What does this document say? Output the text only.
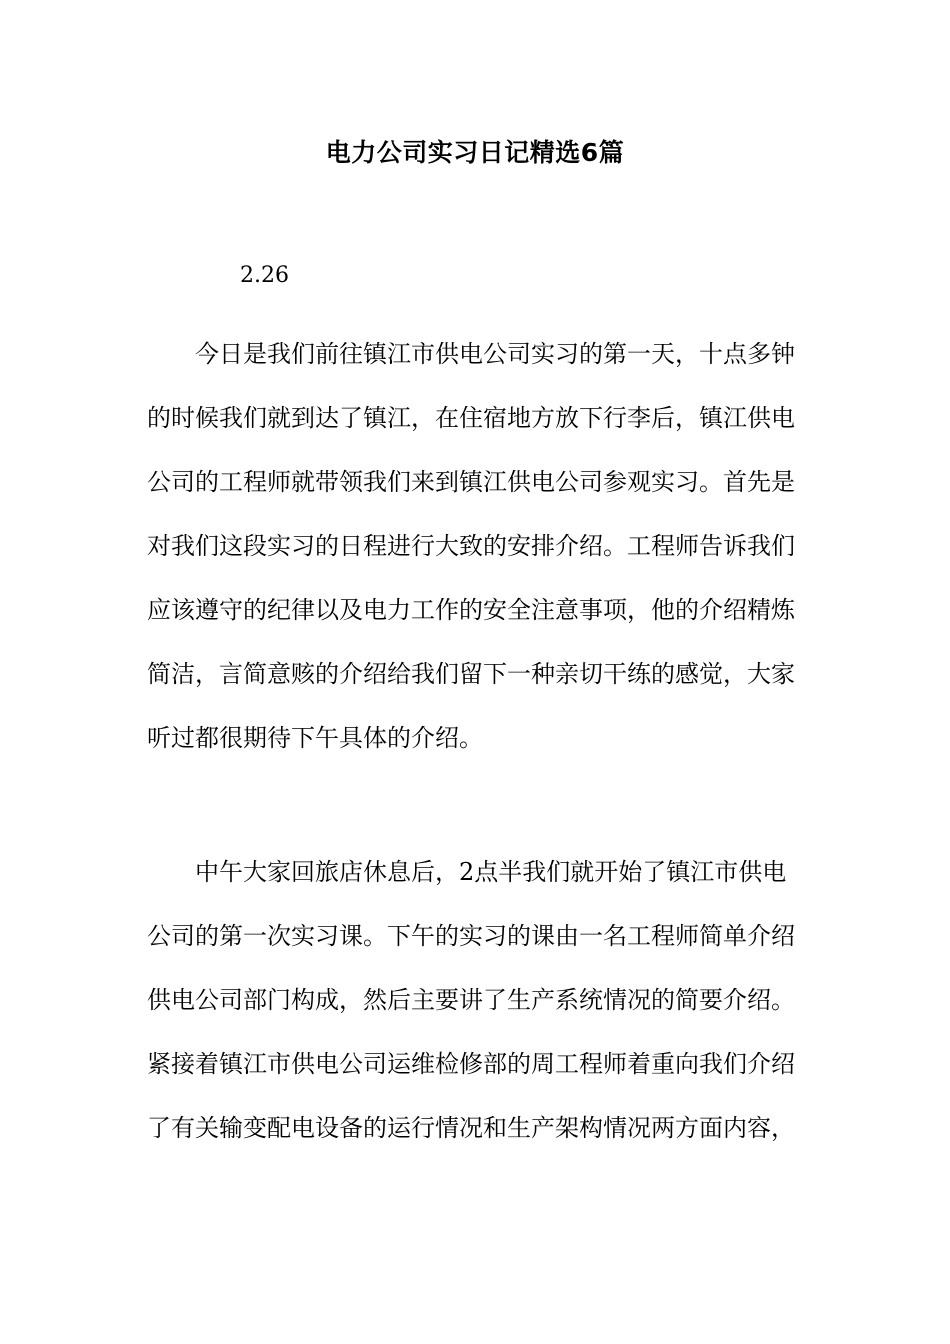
电力公司实习日记精选6篇
2.26
今日是我们前往镇江市供电公司实习的第一天，十点多钟
的时候我们就到达了镇江，在住宿地方放下行李后，镇江供电
公司的工程师就带领我们来到镇江供电公司参观实习。首先是
对我们这段实习的日程进行大致的安排介绍。工程师告诉我们
应该遵守的纪律以及电力工作的安全注意事项，他的介绍精炼
简洁，言简意赅的介绍给我们留下一种亲切干练的感觉，大家
听过都很期待下午具体的介绍。
中午大家回旅店休息后，2点半我们就开始了镇江市供电
公司的第一次实习课。下午的实习的课由一名工程师简单介绍
供电公司部门构成，然后主要讲了生产系统情况的简要介绍。
紧接着镇江市供电公司运维检修部的周工程师着重向我们介绍
了有关输变配电设备的运行情况和生产架构情况两方面内容，
